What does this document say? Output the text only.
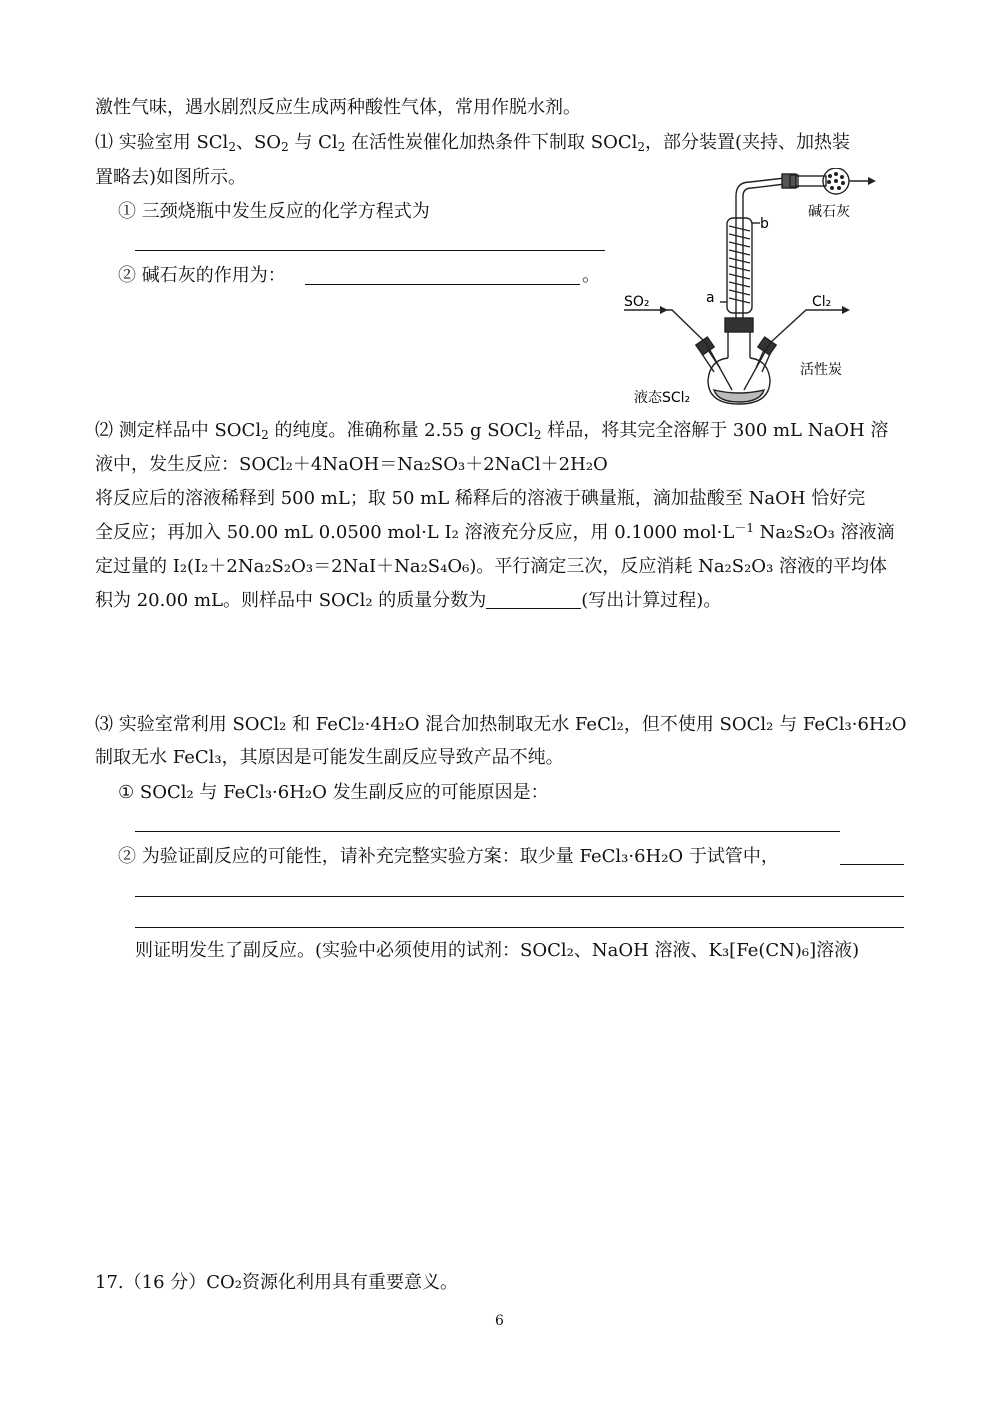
激性气味，遇水剧烈反应生成两种酸性气体，常用作脱水剂。
⑴ 实验室用 SCl$_2$、$SO_2$ 与 $Cl_2$ 在活性炭催化加热条件下制取 SOCl$_2$，部分装置(夹持、加热装
置略去)如图所示。
① 三颈烧瓶中发生反应的化学方程式为
② 碱石灰的作用为：	。
碱石灰
b
a
SO₂	Cl₂
活性炭
液态SCl₂
⑵ 测定样品中 SOCl$_2$ 的纯度。准确称量 2.55 g SOCl$_2$ 样品，将其完全溶解于 300 mL NaOH 溶
液中，发生反应：SOCl₂＋4NaOH＝Na₂SO₃＋2NaCl＋2H₂O
将反应后的溶液稀释到 500 mL；取 50 mL 稀释后的溶液于碘量瓶，滴加盐酸至 NaOH 恰好完
全反应；再加入 50.00 mL 0.0500 mol·L I₂ 溶液充分反应，用 0.1000 $mol\cdot L^{-1}$ Na₂S₂O₃ 溶液滴
定过量的 I₂(I₂＋2Na₂S₂O₃＝2NaI＋Na₂S₄O₆)。平行滴定三次，反应消耗 Na₂S₂O₃ 溶液的平均体
积为 20.00 mL。则样品中 SOCl₂ 的质量分数为	(写出计算过程)。
⑶ 实验室常利用 SOCl₂ 和 FeCl₂·4H₂O 混合加热制取无水 FeCl₂，但不使用 SOCl₂ 与 FeCl₃·6H₂O
制取无水 FeCl₃，其原因是可能发生副反应导致产品不纯。
① SOCl₂ 与 FeCl₃·6H₂O 发生副反应的可能原因是：
② 为验证副反应的可能性，请补充完整实验方案：取少量 FeCl₃·6H₂O 于试管中，
则证明发生了副反应。(实验中必须使用的试剂：SOCl₂、NaOH 溶液、K₃[Fe(CN)₆]溶液)
17.（16 分）CO₂资源化利用具有重要意义。
6
